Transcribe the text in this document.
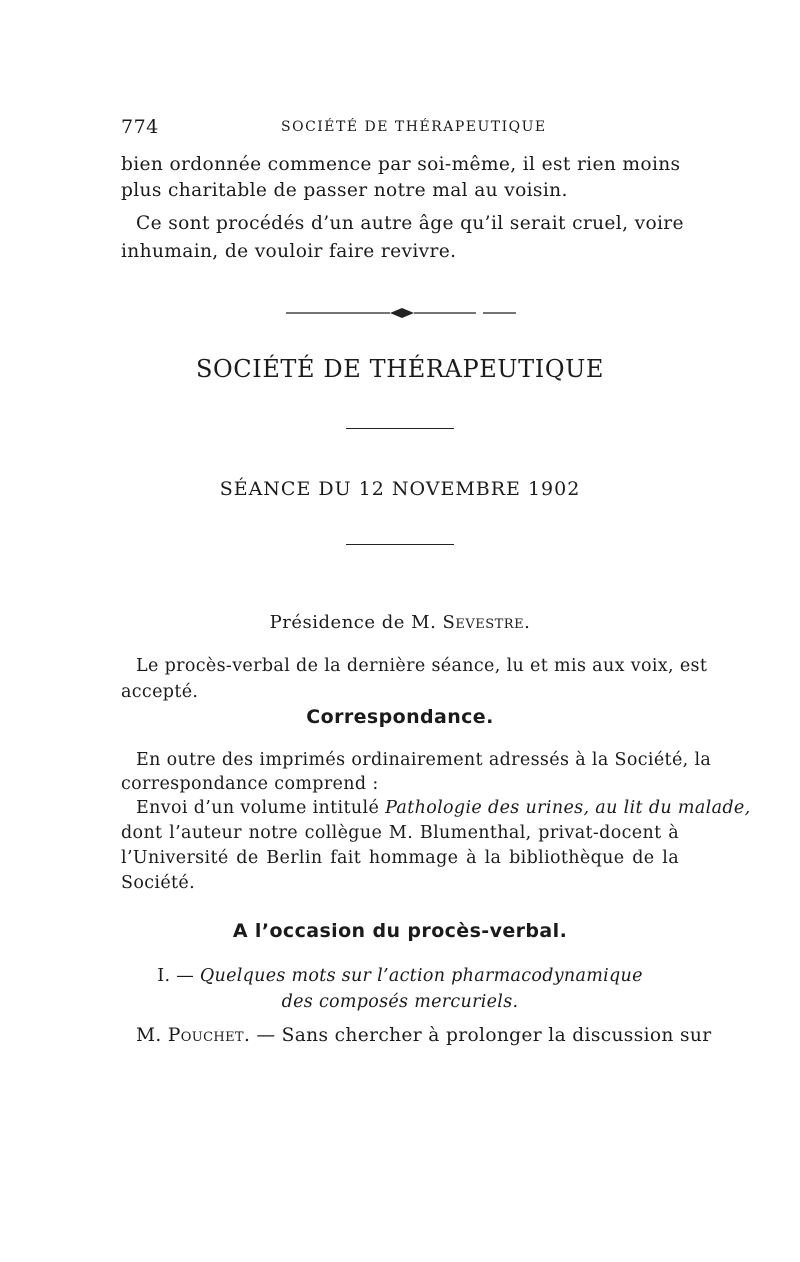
774	SOCIÉTÉ DE THÉRAPEUTIQUE
bien ordonnée commence par soi-même, il est rien moins
plus charitable de passer notre mal au voisin.
Ce sont procédés d’un autre âge qu’il serait cruel, voire
inhumain, de vouloir faire revivre.
SOCIÉTÉ DE THÉRAPEUTIQUE
SÉANCE DU 12 NOVEMBRE 1902
Présidence de M. Sevestre.
Le procès-verbal de la dernière séance, lu et mis aux voix, est
accepté.
Correspondance.
En outre des imprimés ordinairement adressés à la Société, la
correspondance comprend :
Envoi d’un volume intitulé Pathologie des urines, au lit du malade,
dont l’auteur notre collègue M. Blumenthal, privat-docent à
l’Université de Berlin fait hommage à la bibliothèque de la
Société.
A l’occasion du procès-verbal.
I. — Quelques mots sur l’action pharmacodynamique
des composés mercuriels.
M. Pouchet. — Sans chercher à prolonger la discussion sur
